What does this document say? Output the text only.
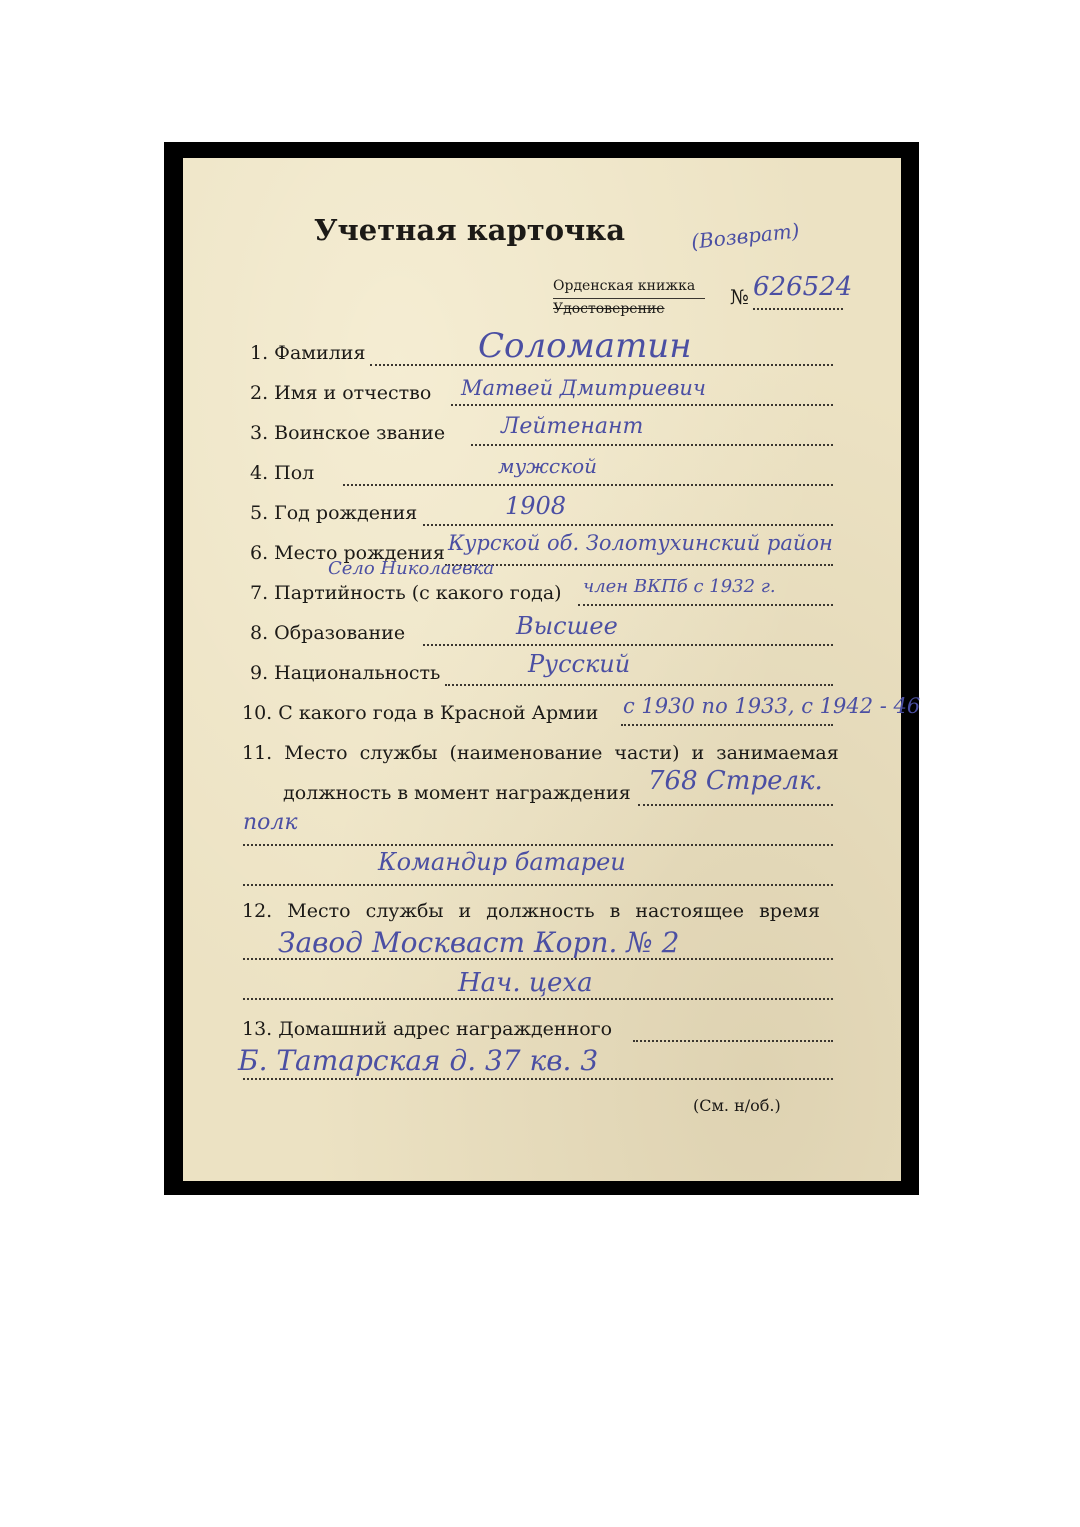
Учетная карточка	(Возврат)
Орденская книжка
Удостоверение	№ 626524
1. Фамилия	Соломатин
2. Имя и отчество Матвей Дмитриевич
3. Воинское звание	Лейтенант
4. Пол	мужской
5. Год рождения	1908
6. Место рождения Курской об. Золотухинский район
Село Николаевка
7. Партийность (с какого года) член ВКПб с 1932 г.
8. Образование	Высшее
9. Национальность	Русский
10. С какого года в Красной Армии с 1930 по 1933, с 1942 - 46
11. Место службы (наименование части) и занимаемая
должность в момент награждения 768 Стрелк.
полк
Командир батареи
12. Место службы и должность в настоящее время
Завод Москваст Корп. № 2
Нач. цеха
13. Домашний адрес награжденного
Б. Татарская д. 37 кв. 3
(См. н/об.)
